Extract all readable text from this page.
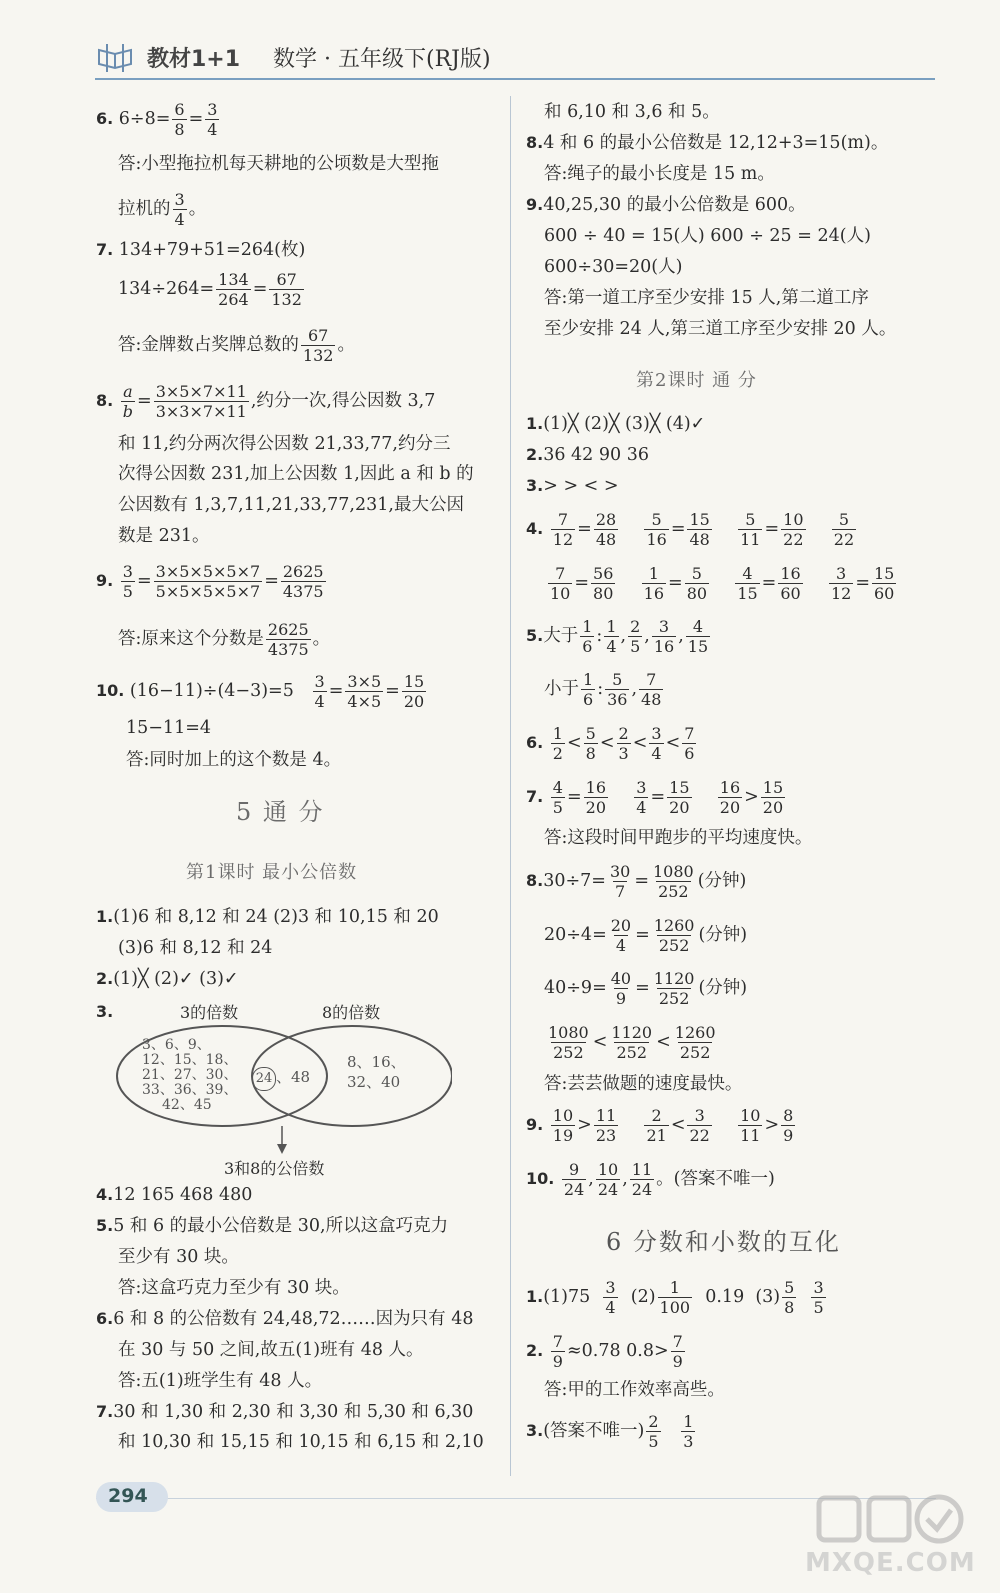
教材1+1 数学 · 五年级下(RJ版)
6. $6\div 8= \frac{6}{8} = \frac{3}{4}$
答:小型拖拉机每天耕地的公顷数是大型拖
拉机的 $\frac{3}{4}$ 。
7. 134+79+51=264(枚)
$134\div 264= \frac{134}{264} = \frac{67}{132}$
答:金牌数占奖牌总数的 $\frac{67}{132}$ 。
8. $\frac{a}{b} = \frac{3\times 5\times 7\times 11}{3\times 3\times 7\times 11}$ ,约分一次,得公因数 3,7
和 11,约分两次得公因数 21,33,77,约分三
次得公因数 231,加上公因数 1,因此 a 和 b 的
公因数有 1,3,7,11,21,33,77,231,最大公因
数是 231。
9. $\frac{3}{5} = \frac{3\times 5\times 5\times 5\times 7}{5\times 5\times 5\times 5\times 7} = \frac{2625}{4375}$
答:原来这个分数是 $\frac{2625}{4375}$ 。
10. $(16-11)\div(4-3)=5 \frac{3}{4} = \frac{3\times 5}{4\times 5} = \frac{15}{20}$
15−11=4
答:同时加上的这个数是 4。
5 通 分
第1课时 最小公倍数
1.(1)6 和 8,12 和 24 (2)3 和 10,15 和 20
(3)6 和 8,12 和 24
2.(1)╳ (2)✓ (3)✓
3.	3的倍数	8的倍数
3、6、9、
12、15、18、
21、27、30、
33、36、39、
42、45
24 、48
8、16、
32、40
3和8的公倍数
4.12 165 468 480
5.5 和 6 的最小公倍数是 30,所以这盒巧克力
至少有 30 块。
答:这盒巧克力至少有 30 块。
6.6 和 8 的公倍数有 24,48,72……因为只有 48
在 30 与 50 之间,故五(1)班有 48 人。
答:五(1)班学生有 48 人。
7.30 和 1,30 和 2,30 和 3,30 和 5,30 和 6,30
和 10,30 和 15,15 和 10,15 和 6,15 和 2,10
和 6,10 和 3,6 和 5。
8.4 和 6 的最小公倍数是 12,12+3=15(m)。
答:绳子的最小长度是 15 m。
9.40,25,30 的最小公倍数是 600。
600 ÷ 40 = 15(人) 600 ÷ 25 = 24(人)
600÷30=20(人)
答:第一道工序至少安排 15 人,第二道工序
至少安排 24 人,第三道工序至少安排 20 人。
第2课时 通 分
1.(1)╳ (2)╳ (3)╳ (4)✓
2.36 42 90 36
3.> > < >
4. $\frac{7}{12} = \frac{28}{48}$
$\frac{5}{16} = \frac{15}{48}$
$\frac{5}{11} = \frac{10}{22}$
$\frac{5}{22}$
$\frac{7}{10} = \frac{56}{80}$
$\frac{1}{16} = \frac{5}{80}$
$\frac{4}{15} = \frac{16}{60}$
$\frac{3}{12} = \frac{15}{60}$
5.大于 $\frac{1}{6}$ : $\frac{1}{4}$ , $\frac{2}{5}$ , $\frac{3}{16}$ , $\frac{4}{15}$
小于 $\frac{1}{6}$ : $\frac{5}{36}$ , $\frac{7}{48}$
6. $\frac{1}{2} < \frac{5}{8} < \frac{2}{3} < \frac{3}{4} < \frac{7}{6}$
7. $\frac{4}{5} = \frac{16}{20}$
$\frac{3}{4} = \frac{15}{20}$
$\frac{16}{20} > \frac{15}{20}$
答:这段时间甲跑步的平均速度快。
$8.30\div 7= \frac{30}{7} = \frac{1080}{252}$ (分钟)
$20\div 4= \frac{20}{4} = \frac{1260}{252}$ (分钟)
$40\div 9= \frac{40}{9} = \frac{1120}{252}$ (分钟)
$\frac{1080}{252} < \frac{1120}{252} < \frac{1260}{252}$
答:芸芸做题的速度最快。
9. $\frac{10}{19} > \frac{11}{23}$
$\frac{2}{21} < \frac{3}{22}$
$\frac{10}{11} > \frac{8}{9}$
10. $\frac{9}{24}$ , $\frac{10}{24}$ , $\frac{11}{24}$ 。(答案不唯一)
6 分数和小数的互化
$1.(1)75 \frac{3}{4} (2) \frac{1}{100} 0.19$ $(3) \frac{5}{8}$
$\frac{3}{5}$
2. $\frac{7}{9} \approx 0.78$ $0.8> \frac{7}{9}$
答:甲的工作效率高些。
3.(答案不唯一) $\frac{2}{5}$
$\frac{1}{3}$
294
MXQE.COM
